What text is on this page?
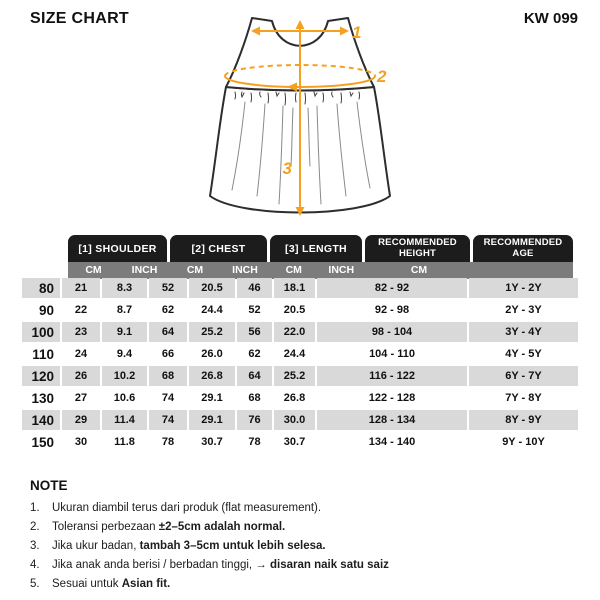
SIZE CHART	KW 099
1
2
3
[1] SHOULDER	[2] CHEST	[3] LENGTH
RECOMMENDED HEIGHT
RECOMMENDED AGE
CM	INCH	CM	INCH	CM	INCH	CM
80	21	8.3	52	20.5	46	18.1	82 - 92	1Y - 2Y
90	22	8.7	62	24.4	52	20.5	92 - 98	2Y - 3Y
100	23	9.1	64	25.2	56	22.0	98 - 104	3Y - 4Y
110	24	9.4	66	26.0	62	24.4	104 - 110	4Y - 5Y
120	26	10.2	68	26.8	64	25.2	116 - 122	6Y - 7Y
130	27	10.6	74	29.1	68	26.8	122 - 128	7Y - 8Y
140	29	11.4	74	29.1	76	30.0	128 - 134	8Y - 9Y
150	30	11.8	78	30.7	78	30.7	134 - 140	9Y - 10Y
NOTE
1.	Ukuran diambil terus dari produk (flat measurement).
2.	Toleransi perbezaan ±2–5cm adalah normal.
3.	Jika ukur badan, tambah 3–5cm untuk lebih selesa.
4.	Jika anak anda berisi / berbadan tinggi, → disaran naik satu saiz
5.	Sesuai untuk Asian fit.
